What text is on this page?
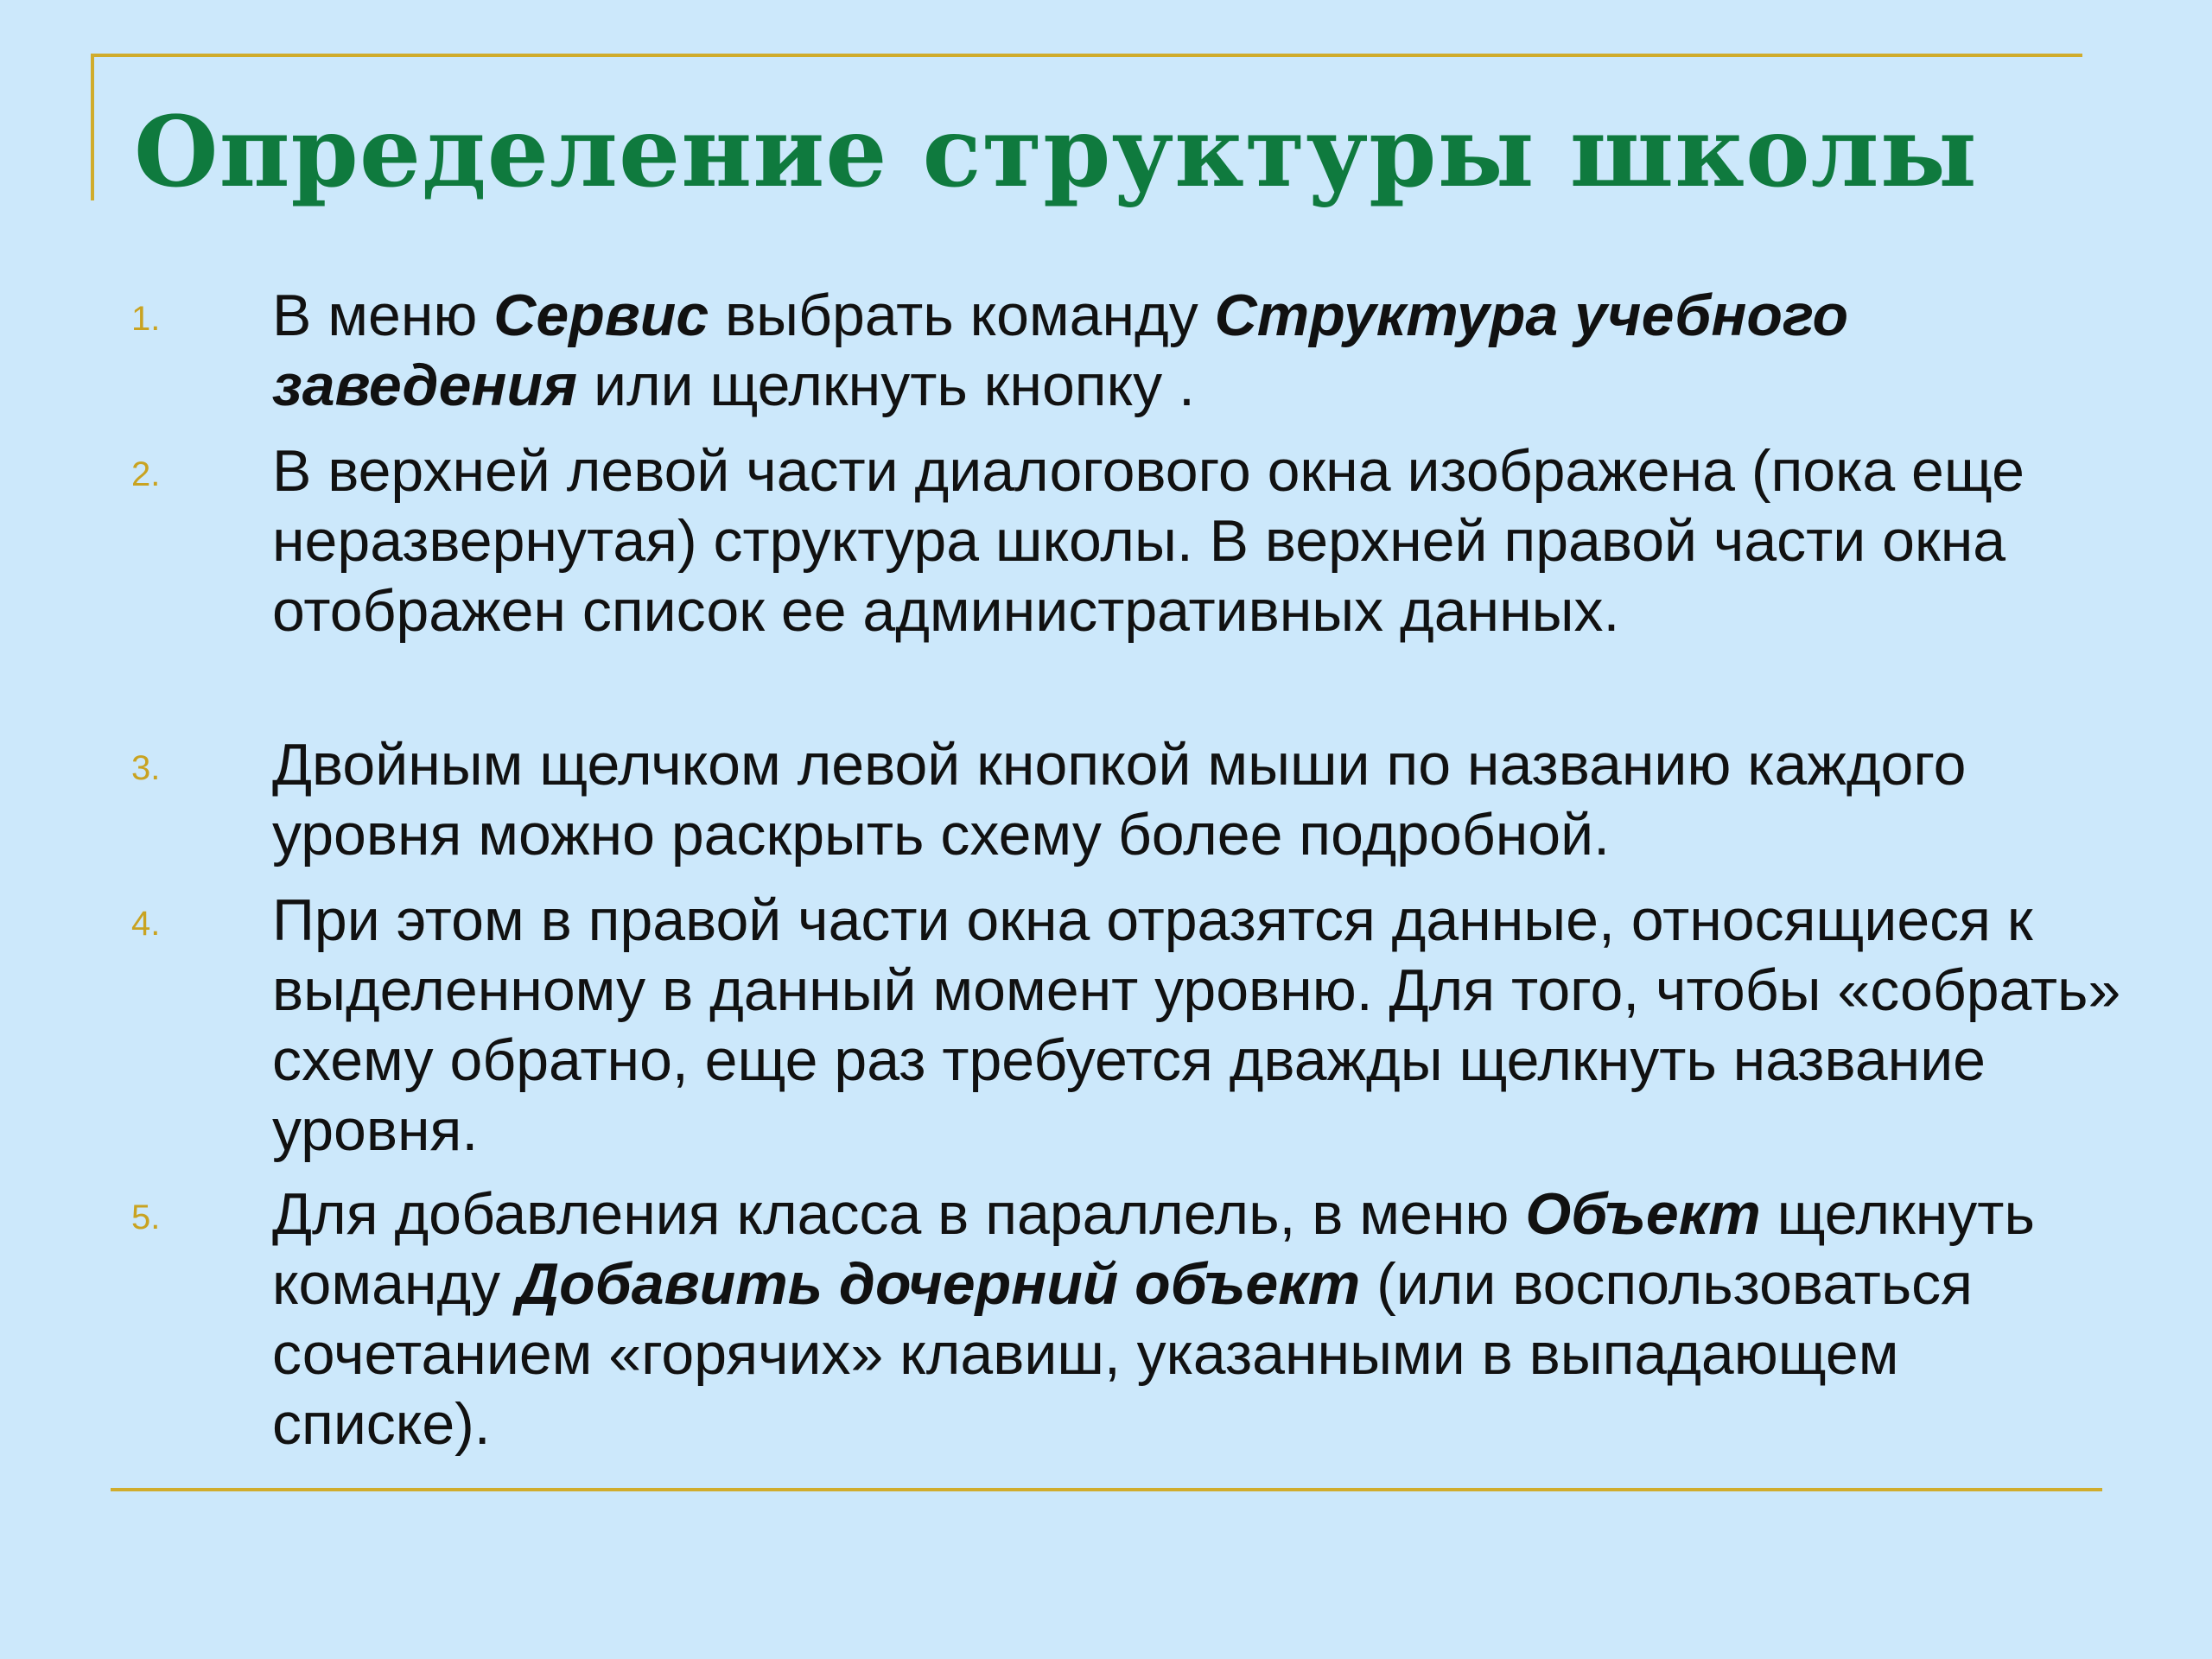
Определение структуры школы
1. В меню Сервис выбрать команду Структура учебного заведения или щелкнуть кнопку .

2. В верхней левой части диалогового окна изображена (пока еще неразвернутая) структура школы. В верхней правой части окна отображен список ее административных данных.

3. Двойным щелчком левой кнопкой мыши по названию каждого уровня можно раскрыть схему более подробной.

4. При этом в правой части окна отразятся данные, относящиеся к выделенному в данный момент уровню. Для того, чтобы «собрать» схему обратно, еще раз требуется дважды щелкнуть название уровня.

5. Для добавления класса в параллель, в меню Объект щелкнуть команду Добавить дочерний объект (или воспользоваться сочетанием «горячих» клавиш, указанными в выпадающем списке).
